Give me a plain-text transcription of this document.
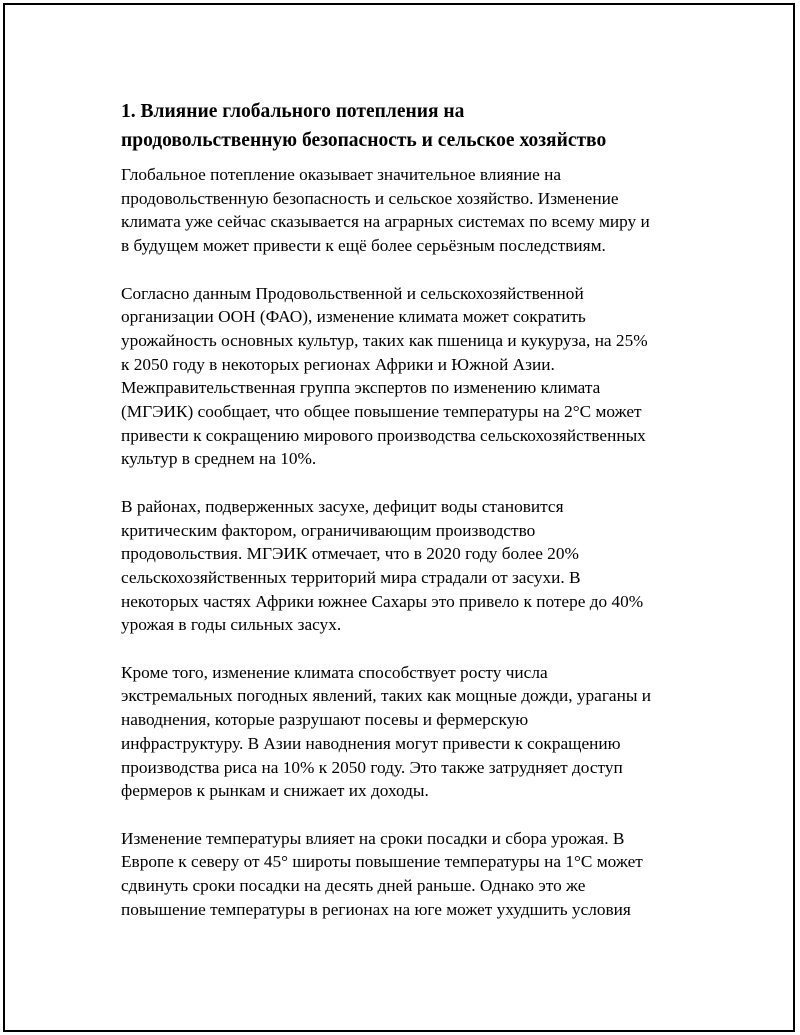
1. Влияние глобального потепления на
продовольственную безопасность и сельское хозяйство

Глобальное потепление оказывает значительное влияние на
продовольственную безопасность и сельское хозяйство. Изменение
климата уже сейчас сказывается на аграрных системах по всему миру и
в будущем может привести к ещё более серьёзным последствиям.

Согласно данным Продовольственной и сельскохозяйственной
организации ООН (ФАО), изменение климата может сократить
урожайность основных культур, таких как пшеница и кукуруза, на 25%
к 2050 году в некоторых регионах Африки и Южной Азии.
Межправительственная группа экспертов по изменению климата
(МГЭИК) сообщает, что общее повышение температуры на 2°C может
привести к сокращению мирового производства сельскохозяйственных
культур в среднем на 10%.

В районах, подверженных засухе, дефицит воды становится
критическим фактором, ограничивающим производство
продовольствия. МГЭИК отмечает, что в 2020 году более 20%
сельскохозяйственных территорий мира страдали от засухи. В
некоторых частях Африки южнее Сахары это привело к потере до 40%
урожая в годы сильных засух.

Кроме того, изменение климата способствует росту числа
экстремальных погодных явлений, таких как мощные дожди, ураганы и
наводнения, которые разрушают посевы и фермерскую
инфраструктуру. В Азии наводнения могут привести к сокращению
производства риса на 10% к 2050 году. Это также затрудняет доступ
фермеров к рынкам и снижает их доходы.

Изменение температуры влияет на сроки посадки и сбора урожая. В
Европе к северу от 45° широты повышение температуры на 1°C может
сдвинуть сроки посадки на десять дней раньше. Однако это же
повышение температуры в регионах на юге может ухудшить условия
